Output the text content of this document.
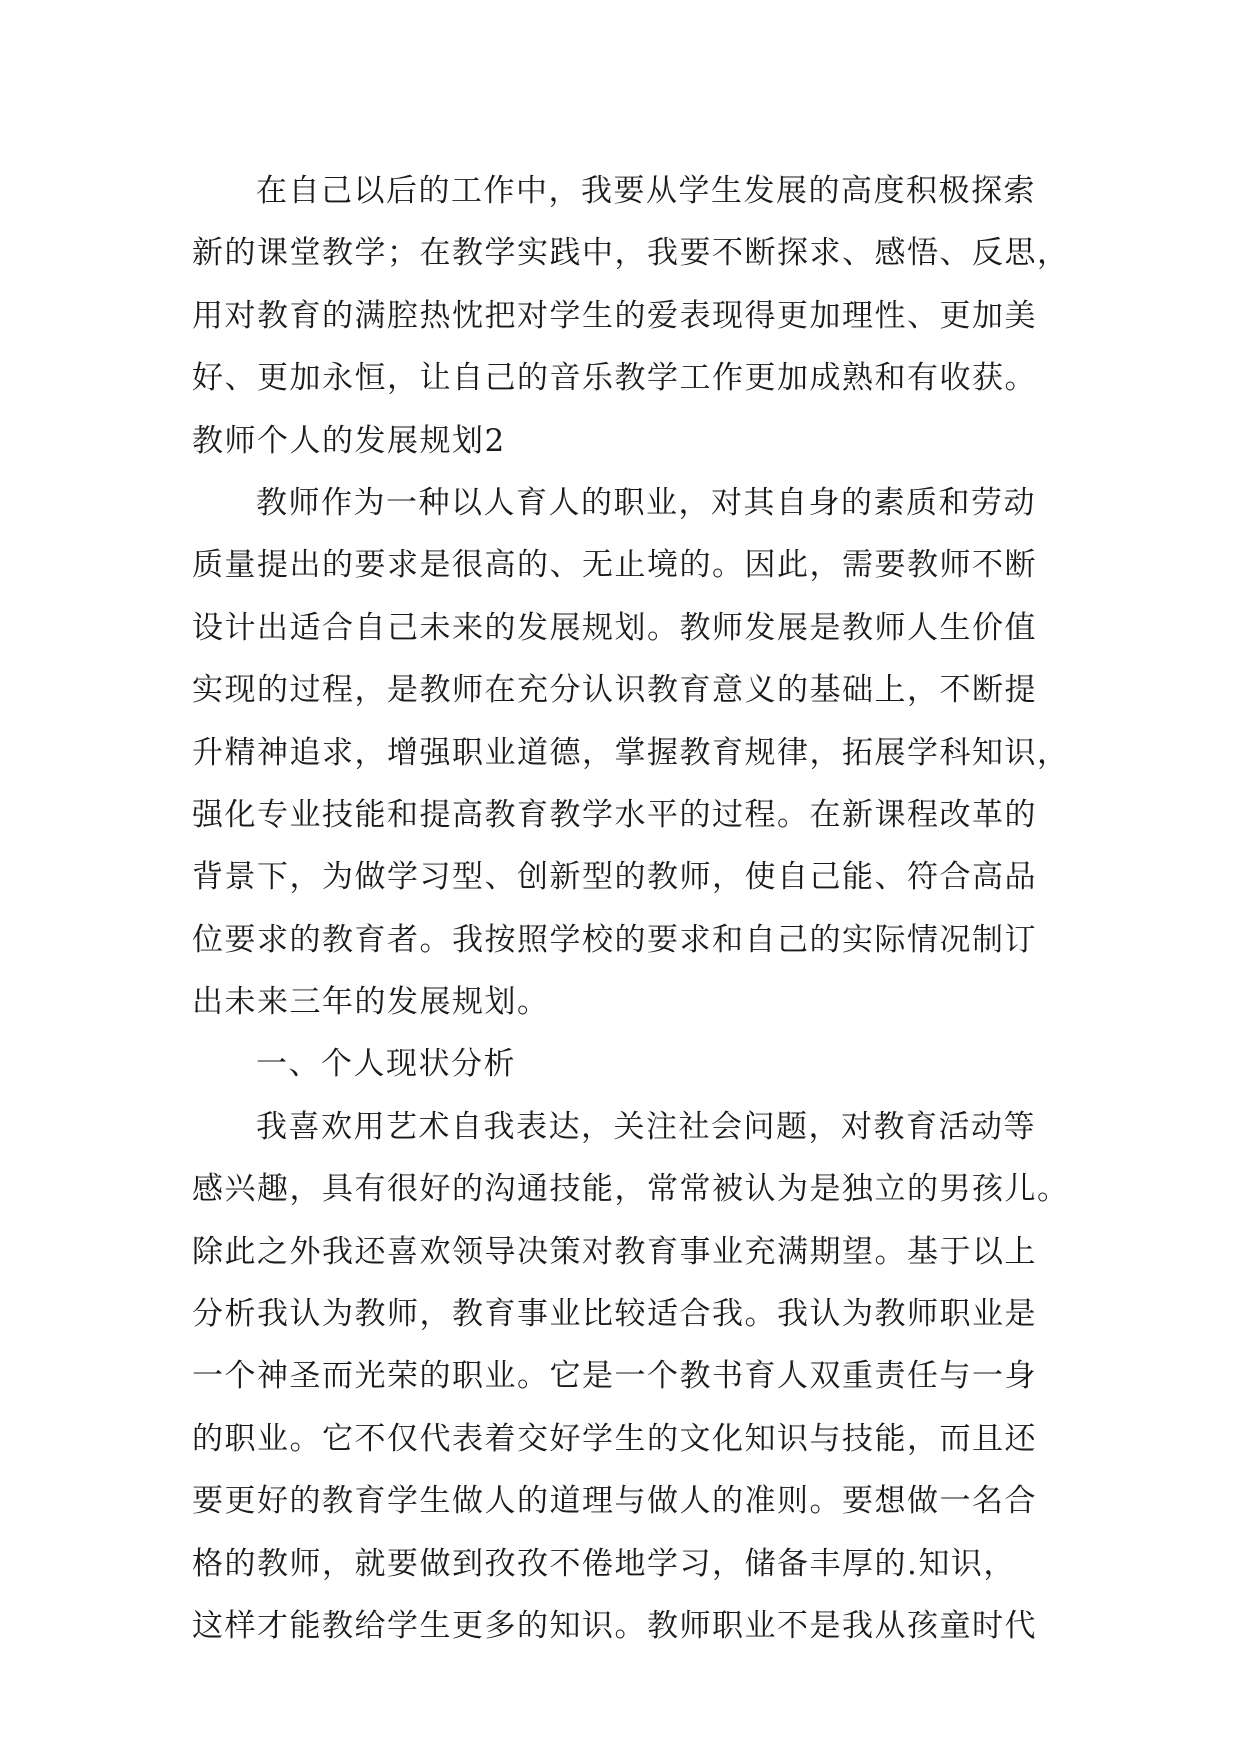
在自己以后的工作中，我要从学生发展的高度积极探索
新的课堂教学；在教学实践中，我要不断探求、感悟、反思，
用对教育的满腔热忱把对学生的爱表现得更加理性、更加美
好、更加永恒，让自己的音乐教学工作更加成熟和有收获。
教师个人的发展规划2
教师作为一种以人育人的职业，对其自身的素质和劳动
质量提出的要求是很高的、无止境的。因此，需要教师不断
设计出适合自己未来的发展规划。教师发展是教师人生价值
实现的过程，是教师在充分认识教育意义的基础上，不断提
升精神追求，增强职业道德，掌握教育规律，拓展学科知识，
强化专业技能和提高教育教学水平的过程。在新课程改革的
背景下，为做学习型、创新型的教师，使自己能、符合高品
位要求的教育者。我按照学校的要求和自己的实际情况制订
出未来三年的发展规划。
一、个人现状分析
我喜欢用艺术自我表达，关注社会问题，对教育活动等
感兴趣，具有很好的沟通技能，常常被认为是独立的男孩儿。
除此之外我还喜欢领导决策对教育事业充满期望。基于以上
分析我认为教师，教育事业比较适合我。我认为教师职业是
一个神圣而光荣的职业。它是一个教书育人双重责任与一身
的职业。它不仅代表着交好学生的文化知识与技能，而且还
要更好的教育学生做人的道理与做人的准则。要想做一名合
格的教师，就要做到孜孜不倦地学习，储备丰厚的.知识，
这样才能教给学生更多的知识。教师职业不是我从孩童时代
